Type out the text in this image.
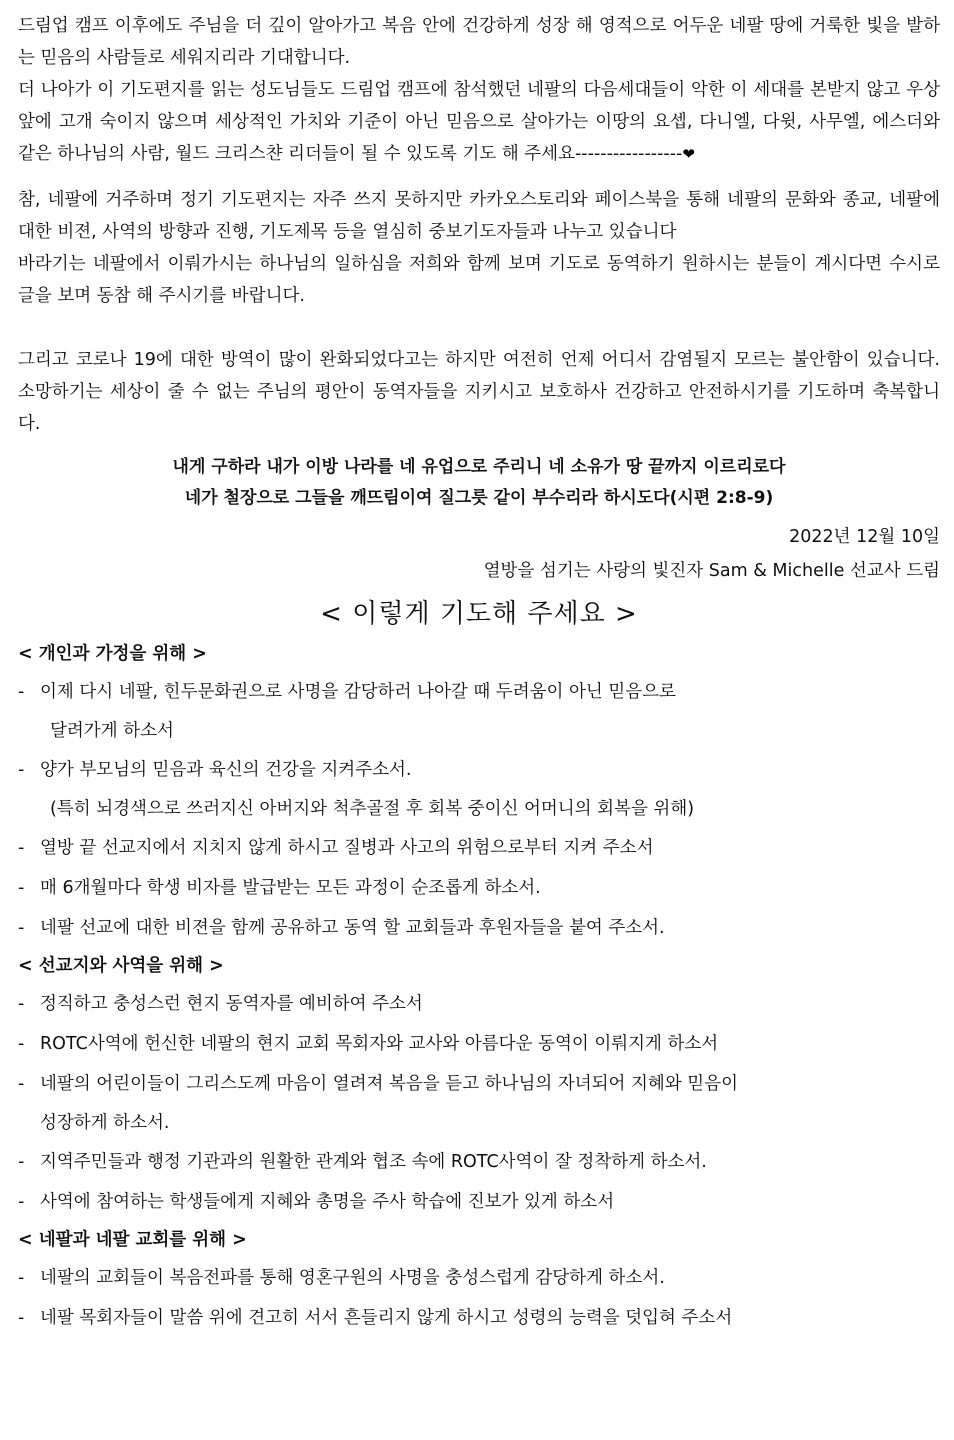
드림업 캠프 이후에도 주님을 더 깊이 알아가고 복음 안에 건강하게 성장 해 영적으로 어두운 네팔 땅에 거룩한 빛을 발하는 믿음의 사람들로 세워지리라 기대합니다.

더 나아가 이 기도편지를 읽는 성도님들도 드림업 캠프에 참석했던 네팔의 다음세대들이 악한 이 세대를 본받지 않고 우상 앞에 고개 숙이지 않으며 세상적인 가치와 기준이 아닌 믿음으로 살아가는 이땅의 요셉, 다니엘, 다윗, 사무엘, 에스더와 같은 하나님의 사람, 월드 크리스챤 리더들이 될 수 있도록 기도 해 주세요-----------------❤

참, 네팔에 거주하며 정기 기도편지는 자주 쓰지 못하지만 카카오스토리와 페이스북을 통해 네팔의 문화와 종교, 네팔에 대한 비젼, 사역의 방향과 진행, 기도제목 등을 열심히 중보기도자들과 나누고 있습니다

바라기는 네팔에서 이뤄가시는 하나님의 일하심을 저희와 함께 보며 기도로 동역하기 원하시는 분들이 계시다면 수시로 글을 보며 동참 해 주시기를 바랍니다.

그리고 코로나 19에 대한 방역이 많이 완화되었다고는 하지만 여전히 언제 어디서 감염될지 모르는 불안함이 있습니다. 소망하기는 세상이 줄 수 없는 주님의 평안이 동역자들을 지키시고 보호하사 건강하고 안전하시기를 기도하며 축복합니다.

내게 구하라 내가 이방 나라를 네 유업으로 주리니 네 소유가 땅 끝까지 이르리로다
네가 철장으로 그들을 깨뜨림이여 질그릇 같이 부수리라 하시도다(시편 2:8-9)
2022년 12월 10일
열방을 섬기는 사랑의 빛진자 Sam & Michelle 선교사 드림
< 이렇게 기도해 주세요 >

< 개인과 가정을 위해 >

- 이제 다시 네팔, 힌두문화권으로 사명을 감당하러 나아갈 때 두려움이 아닌 믿음으로

달려가게 하소서

- 양가 부모님의 믿음과 육신의 건강을 지켜주소서.

(특히 뇌경색으로 쓰러지신 아버지와 척추골절 후 회복 중이신 어머니의 회복을 위해)

- 열방 끝 선교지에서 지치지 않게 하시고 질병과 사고의 위험으로부터 지켜 주소서

- 매 6개월마다 학생 비자를 발급받는 모든 과정이 순조롭게 하소서.

- 네팔 선교에 대한 비젼을 함께 공유하고 동역 할 교회들과 후원자들을 붙여 주소서.

< 선교지와 사역을 위해 >

- 정직하고 충성스런 현지 동역자를 예비하여 주소서

- ROTC사역에 헌신한 네팔의 현지 교회 목회자와 교사와 아름다운 동역이 이뤄지게 하소서

- 네팔의 어린이들이 그리스도께 마음이 열려져 복음을 듣고 하나님의 자녀되어 지혜와 믿음이

성장하게 하소서.

- 지역주민들과 행정 기관과의 원활한 관계와 협조 속에 ROTC사역이 잘 정착하게 하소서.

- 사역에 참여하는 학생들에게 지혜와 총명을 주사 학습에 진보가 있게 하소서

< 네팔과 네팔 교회를 위해 >

- 네팔의 교회들이 복음전파를 통해 영혼구원의 사명을 충성스럽게 감당하게 하소서.

- 네팔 목회자들이 말씀 위에 견고히 서서 흔들리지 않게 하시고 성령의 능력을 덧입혀 주소서
